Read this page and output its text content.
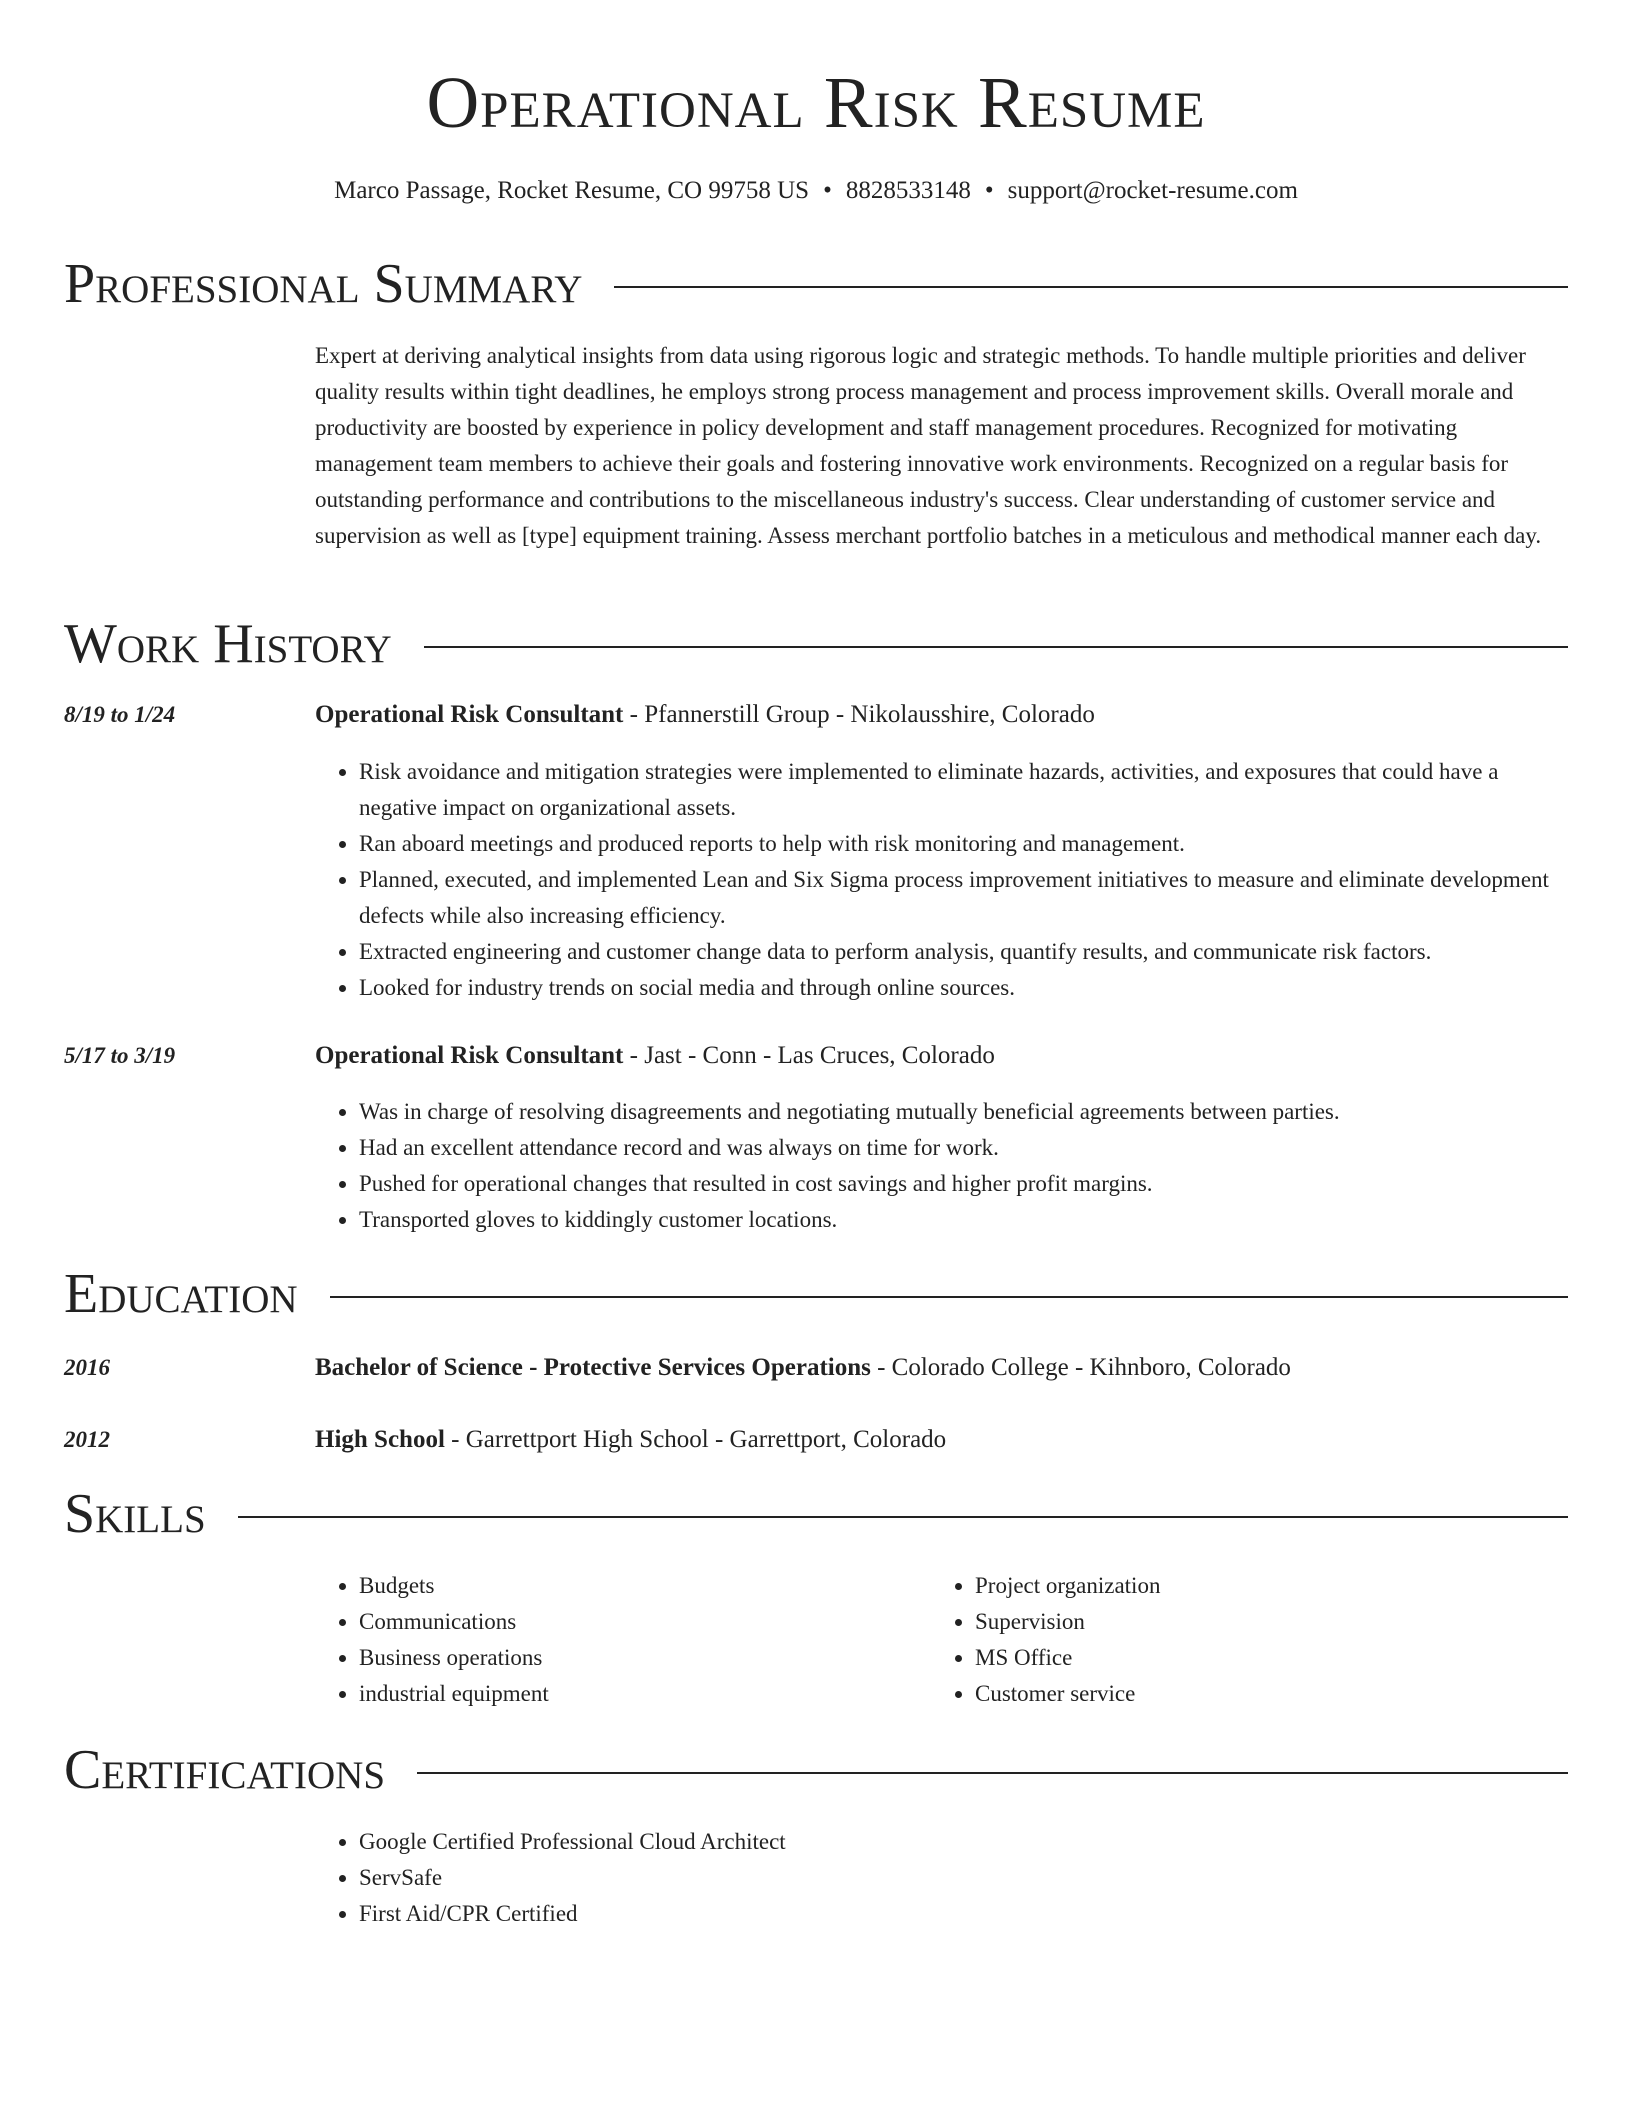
Operational Risk Resume
Marco Passage, Rocket Resume, CO 99758 US • 8828533148 • support@rocket-resume.com
Professional Summary

Expert at deriving analytical insights from data using rigorous logic and strategic methods. To handle multiple priorities and deliver quality results within tight deadlines, he employs strong process management and process improvement skills. Overall morale and productivity are boosted by experience in policy development and staff management procedures. Recognized for motivating management team members to achieve their goals and fostering innovative work environments. Recognized on a regular basis for outstanding performance and contributions to the miscellaneous industry's success. Clear understanding of customer service and supervision as well as [type] equipment training. Assess merchant portfolio batches in a meticulous and methodical manner each day.

Work History
8/19 to 1/24	Operational Risk Consultant - Pfannerstill Group - Nikolausshire, Colorado
• Risk avoidance and mitigation strategies were implemented to eliminate hazards, activities, and exposures that could have a negative impact on organizational assets.
• Ran aboard meetings and produced reports to help with risk monitoring and management.
• Planned, executed, and implemented Lean and Six Sigma process improvement initiatives to measure and eliminate development defects while also increasing efficiency.
• Extracted engineering and customer change data to perform analysis, quantify results, and communicate risk factors.
• Looked for industry trends on social media and through online sources.
5/17 to 3/19	Operational Risk Consultant - Jast - Conn - Las Cruces, Colorado
• Was in charge of resolving disagreements and negotiating mutually beneficial agreements between parties.
• Had an excellent attendance record and was always on time for work.
• Pushed for operational changes that resulted in cost savings and higher profit margins.
• Transported gloves to kiddingly customer locations.
Education
2016	Bachelor of Science - Protective Services Operations - Colorado College - Kihnboro, Colorado
2012	High School - Garrettport High School - Garrettport, Colorado
Skills
• Budgets
• Communications
• Business operations
• industrial equipment
• Project organization
• Supervision
• MS Office
• Customer service
Certifications
• Google Certified Professional Cloud Architect
• ServSafe
• First Aid/CPR Certified
